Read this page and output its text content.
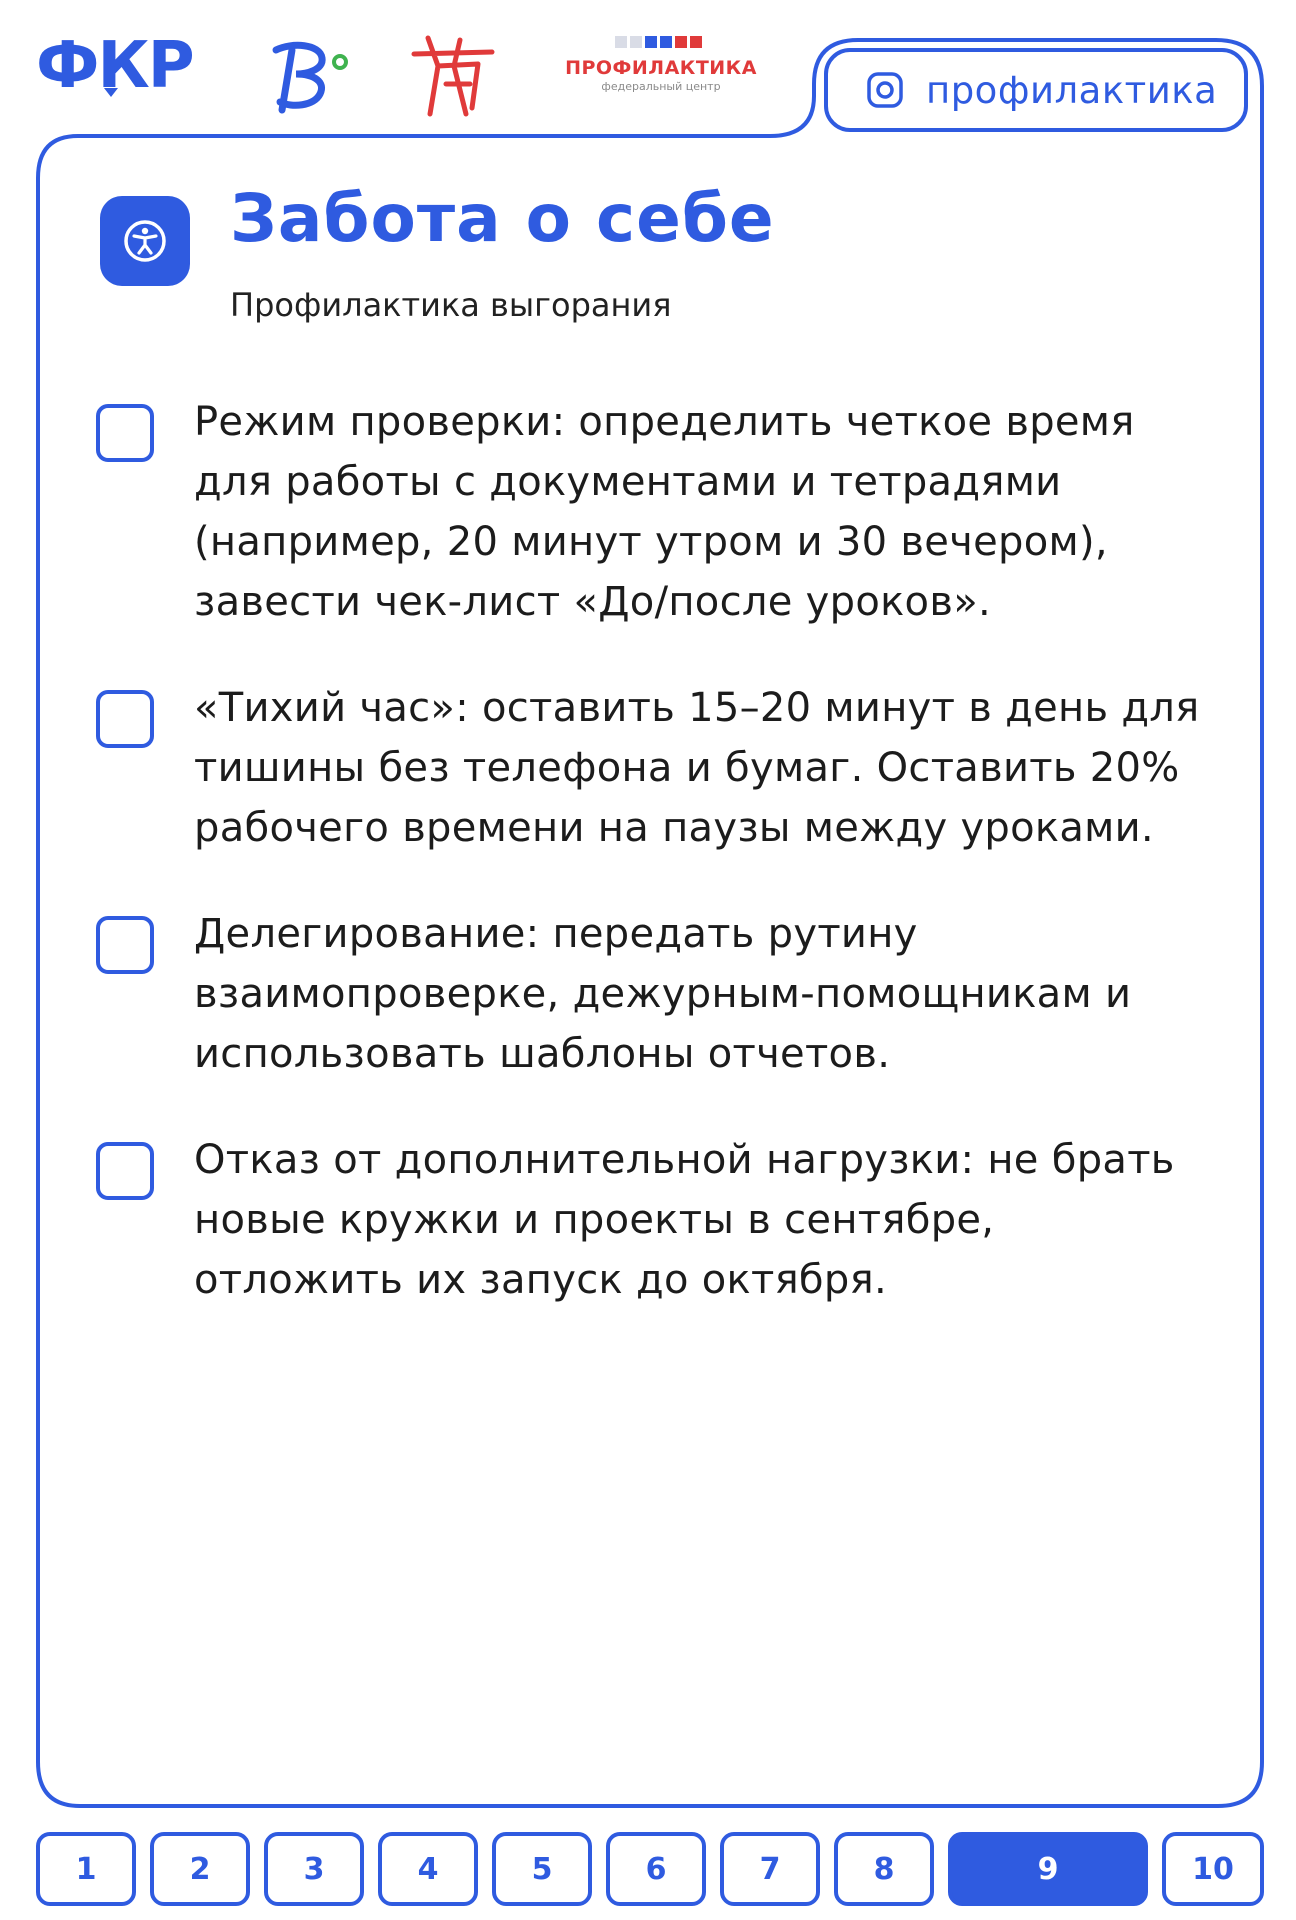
ФКР	ПРОФИЛАКТИКА
федеральный центр	профилактика
Забота о себе
Профилактика выгорания
Режим проверки: определить четкое время для работы с документами и тетрадями (например, 20 минут утром и 30 вечером), завести чек-лист «До/после уроков».
«Тихий час»: оставить 15–20 минут в день для тишины без телефона и бумаг. Оставить 20% рабочего времени на паузы между уроками.
Делегирование: передать рутину взаимопроверке, дежурным-помощникам и использовать шаблоны отчетов.
Отказ от дополнительной нагрузки: не брать новые кружки и проекты в сентябре, отложить их запуск до октября.
1	2	3	4	5	6	7	8	9	10
